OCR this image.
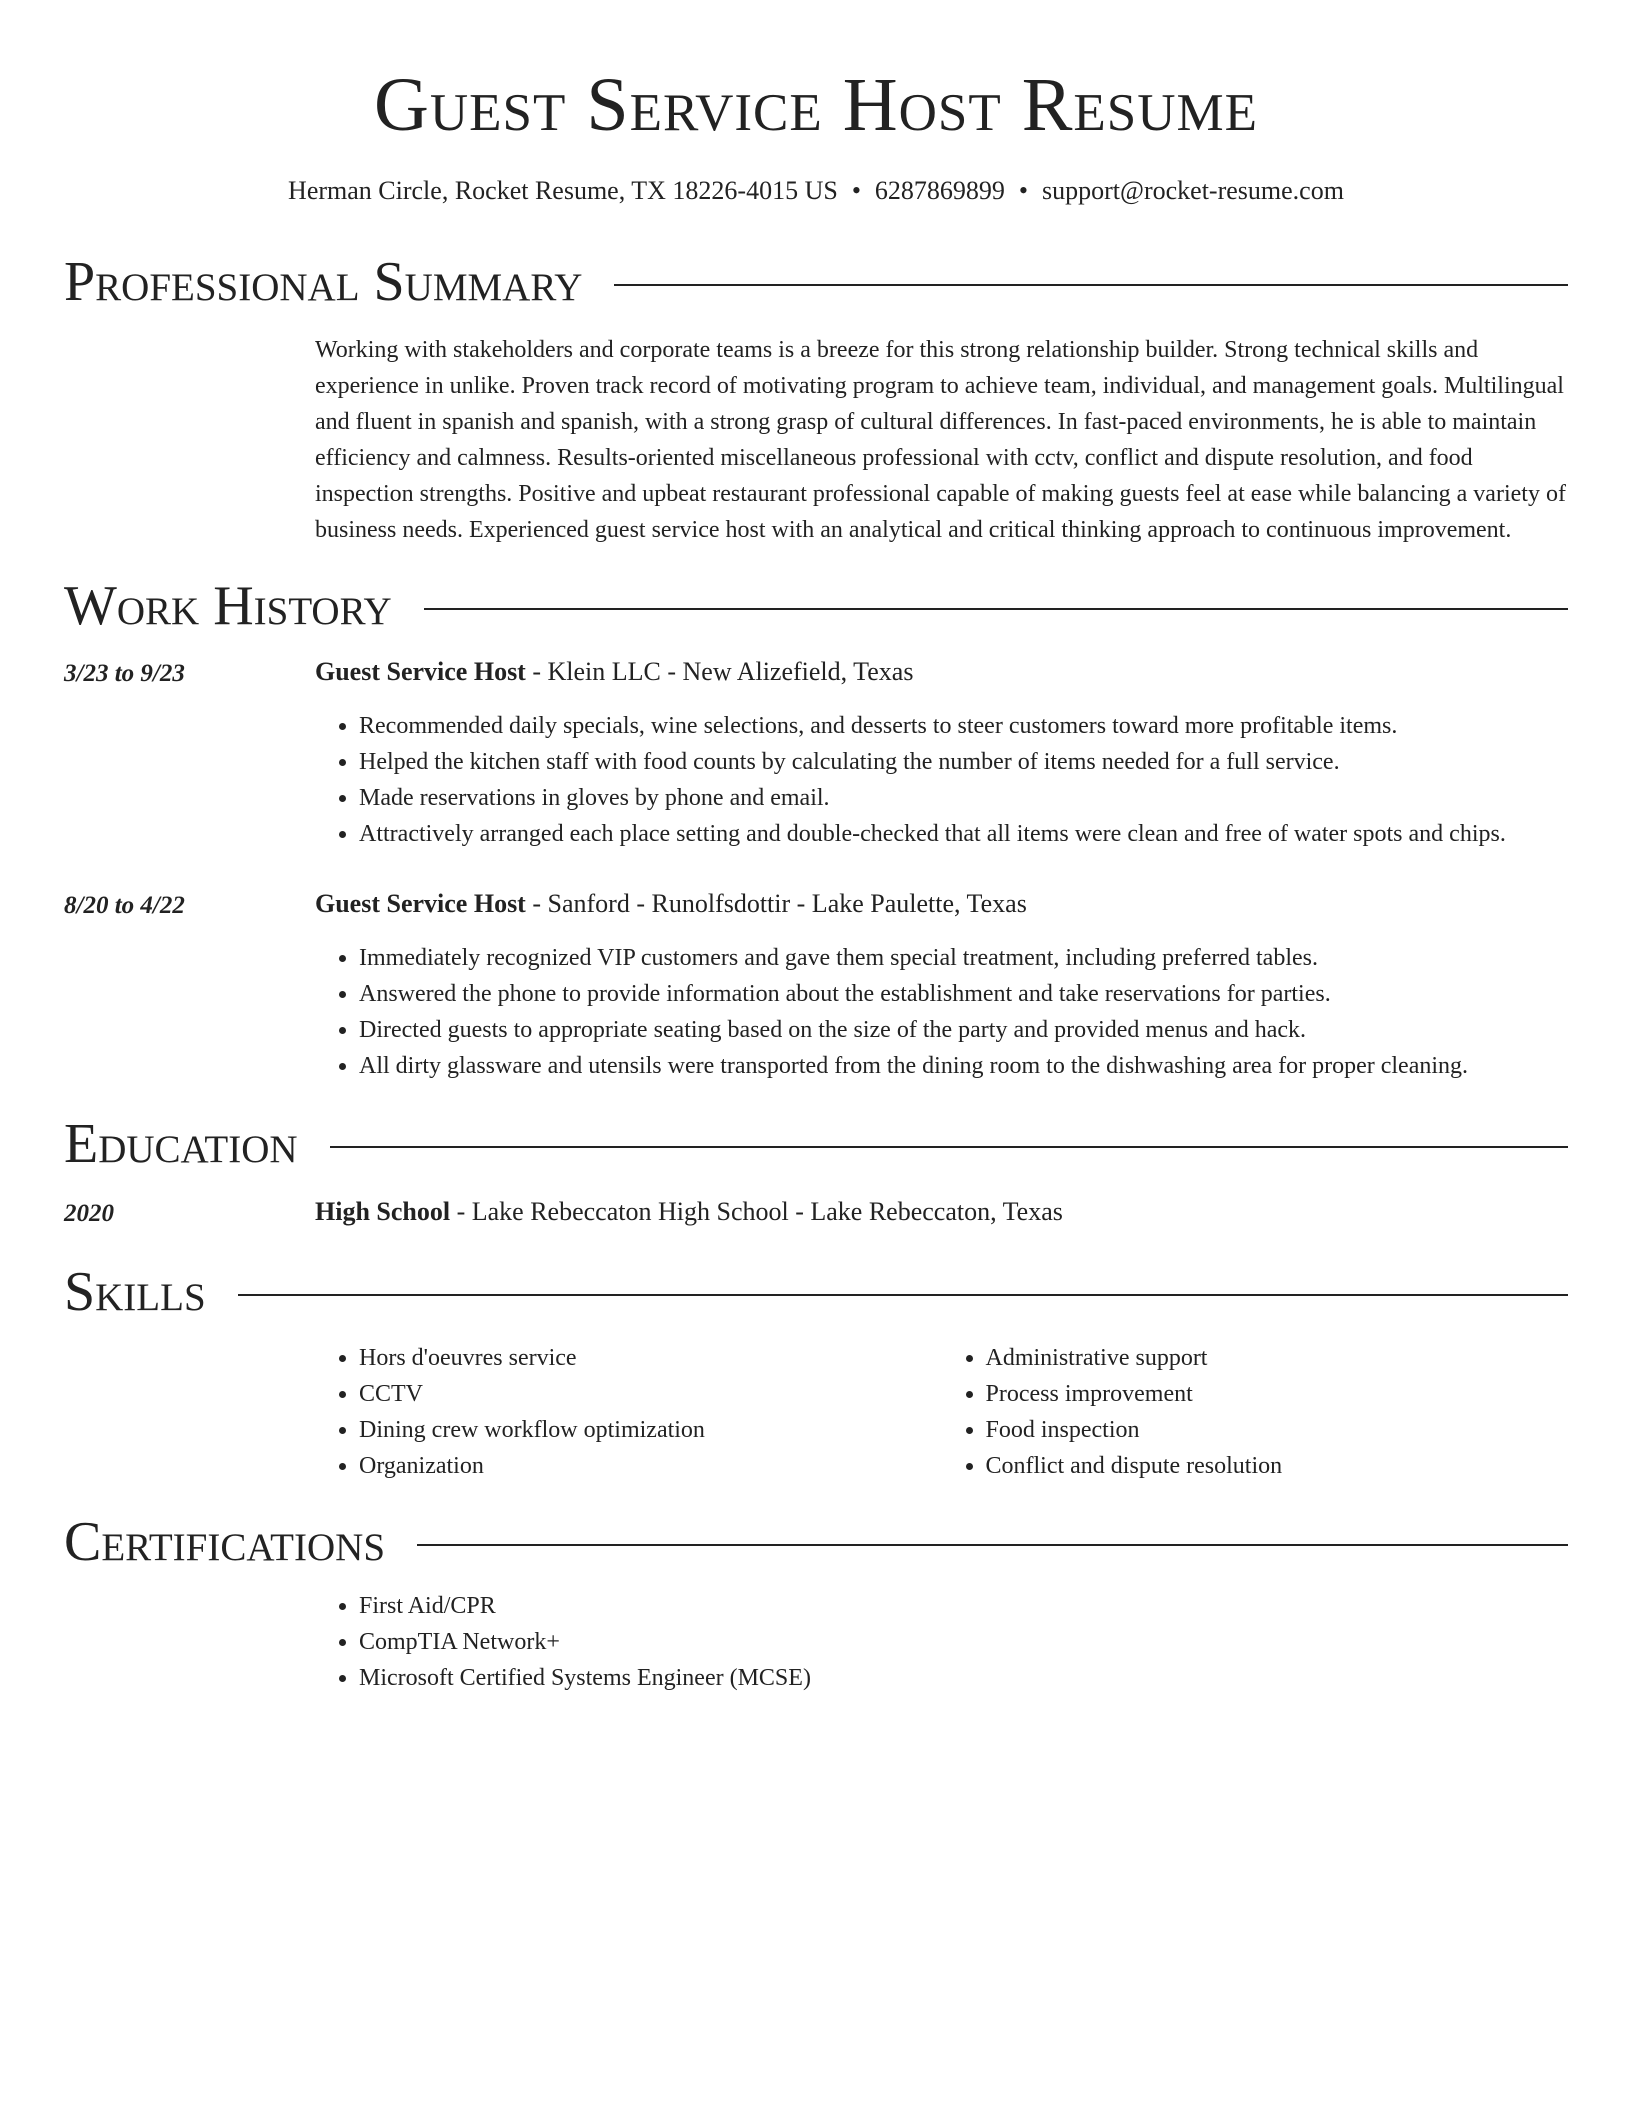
Guest Service Host Resume
Herman Circle, Rocket Resume, TX 18226-4015 US • 6287869899 • support@rocket-resume.com
Professional Summary
Working with stakeholders and corporate teams is a breeze for this strong relationship builder. Strong technical skills and experience in unlike. Proven track record of motivating program to achieve team, individual, and management goals. Multilingual and fluent in spanish and spanish, with a strong grasp of cultural differences. In fast-paced environments, he is able to maintain efficiency and calmness. Results-oriented miscellaneous professional with cctv, conflict and dispute resolution, and food inspection strengths. Positive and upbeat restaurant professional capable of making guests feel at ease while balancing a variety of business needs. Experienced guest service host with an analytical and critical thinking approach to continuous improvement.
Work History
3/23 to 9/23	Guest Service Host - Klein LLC - New Alizefield, Texas
• Recommended daily specials, wine selections, and desserts to steer customers toward more profitable items.
• Helped the kitchen staff with food counts by calculating the number of items needed for a full service.
• Made reservations in gloves by phone and email.
• Attractively arranged each place setting and double-checked that all items were clean and free of water spots and chips.
8/20 to 4/22	Guest Service Host - Sanford - Runolfsdottir - Lake Paulette, Texas
• Immediately recognized VIP customers and gave them special treatment, including preferred tables.
• Answered the phone to provide information about the establishment and take reservations for parties.
• Directed guests to appropriate seating based on the size of the party and provided menus and hack.
• All dirty glassware and utensils were transported from the dining room to the dishwashing area for proper cleaning.
Education
2020	High School - Lake Rebeccaton High School - Lake Rebeccaton, Texas
Skills
• Hors d'oeuvres service
• CCTV
• Dining crew workflow optimization
• Organization
• Administrative support
• Process improvement
• Food inspection
• Conflict and dispute resolution
Certifications
• First Aid/CPR
• CompTIA Network+
• Microsoft Certified Systems Engineer (MCSE)
